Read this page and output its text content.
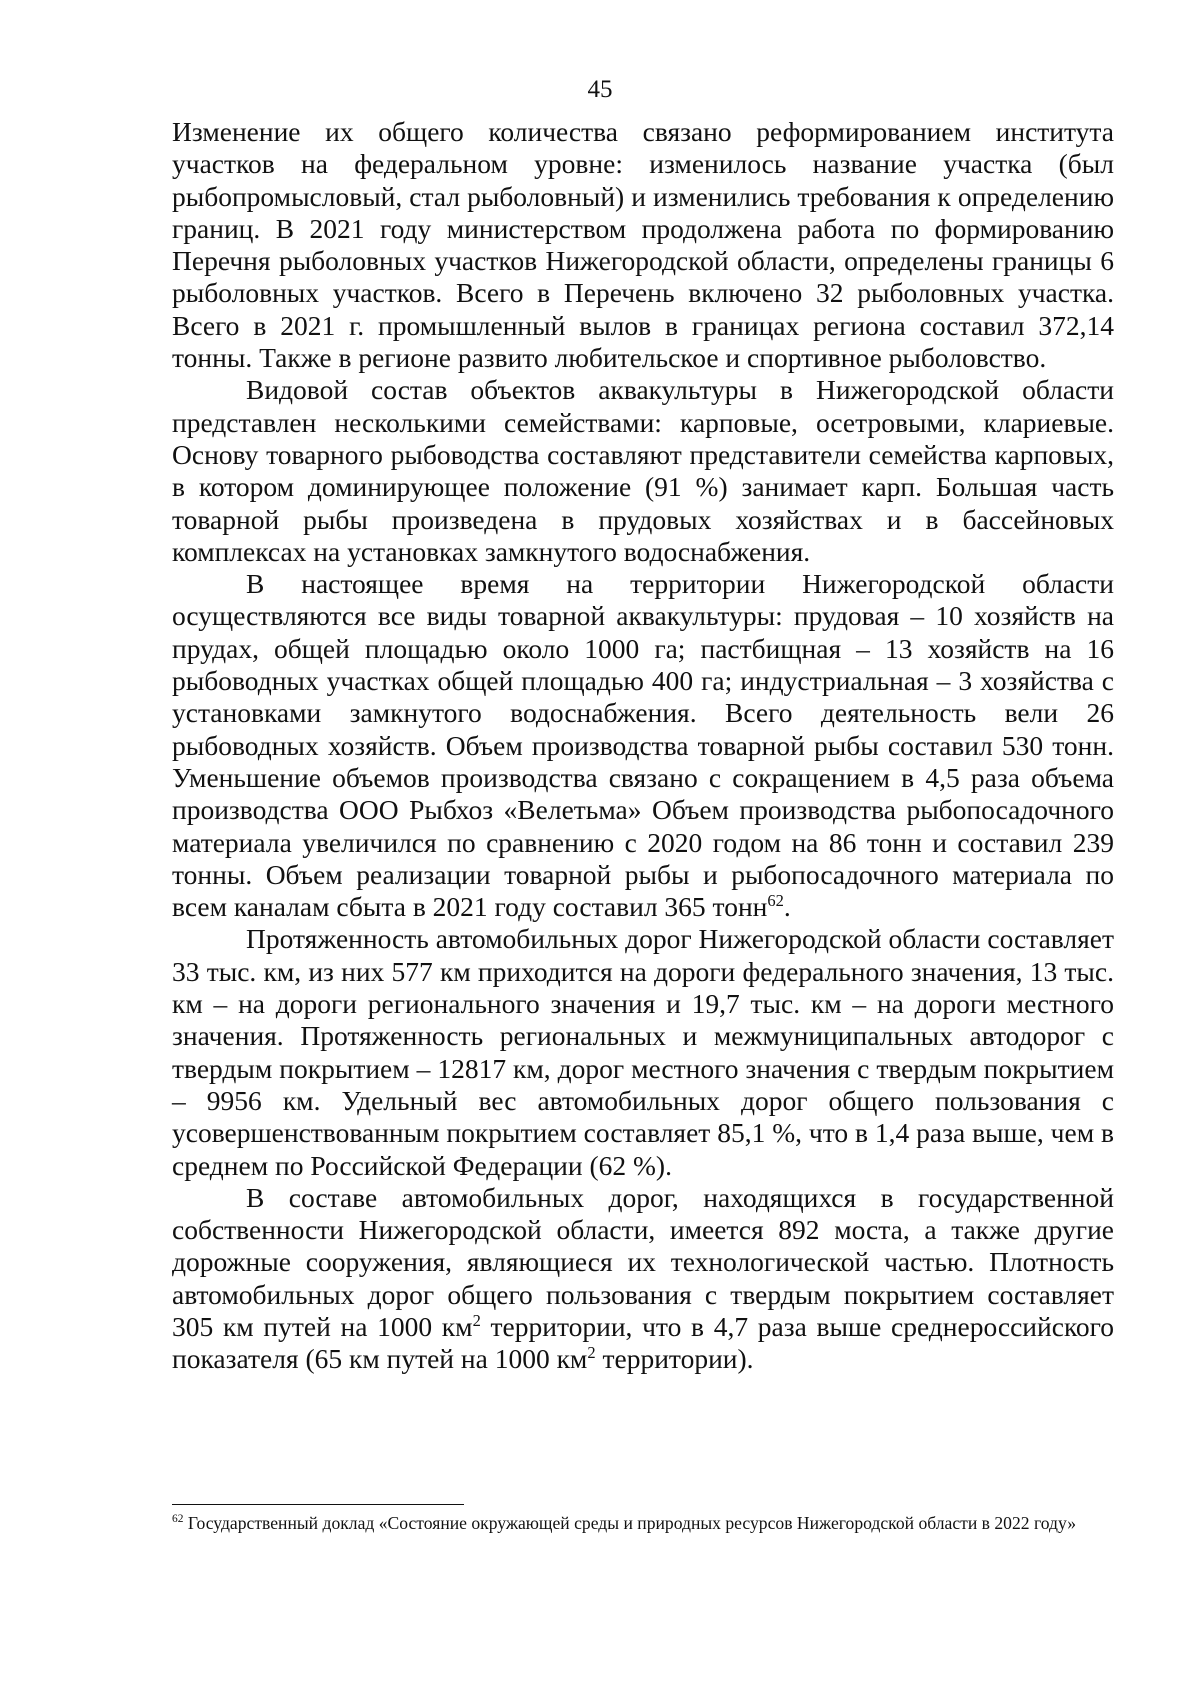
45

Изменение их общего количества связано реформированием института участков на федеральном уровне: изменилось название участка (был рыбопромысловый, стал рыболовный) и изменились требования к определению границ. В 2021 году министерством продолжена работа по формированию Перечня рыболовных участков Нижегородской области, определены границы 6 рыболовных участков. Всего в Перечень включено 32 рыболовных участка. Всего в 2021 г. промышленный вылов в границах региона составил 372,14 тонны. Также в регионе развито любительское и спортивное рыболовство.

Видовой состав объектов аквакультуры в Нижегородской области представлен несколькими семействами: карповые, осетровыми, клариевые. Основу товарного рыбоводства составляют представители семейства карповых, в котором доминирующее положение (91 %) занимает карп. Большая часть товарной рыбы произведена в прудовых хозяйствах и в бассейновых комплексах на установках замкнутого водоснабжения.

В настоящее время на территории Нижегородской области осуществляются все виды товарной аквакультуры: прудовая – 10 хозяйств на прудах, общей площадью около 1000 га; пастбищная – 13 хозяйств на 16 рыбоводных участках общей площадью 400 га; индустриальная – 3 хозяйства с установками замкнутого водоснабжения. Всего деятельность вели 26 рыбоводных хозяйств. Объем производства товарной рыбы составил 530 тонн. Уменьшение объемов производства связано с сокращением в 4,5 раза объема производства ООО Рыбхоз «Велетьма» Объем производства рыбопосадочного материала увеличился по сравнению с 2020 годом на 86 тонн и составил 239 тонны. Объем реализации товарной рыбы и рыбопосадочного материала по всем каналам сбыта в 2021 году составил 365 тонн$^{62}$.

Протяженность автомобильных дорог Нижегородской области составляет 33 тыс. км, из них 577 км приходится на дороги федерального значения, 13 тыс. км – на дороги регионального значения и 19,7 тыс. км – на дороги местного значения. Протяженность региональных и межмуниципальных автодорог с твердым покрытием – 12817 км, дорог местного значения с твердым покрытием – 9956 км. Удельный вес автомобильных дорог общего пользования с усовершенствованным покрытием составляет 85,1 %, что в 1,4 раза выше, чем в среднем по Российской Федерации (62 %).

В составе автомобильных дорог, находящихся в государственной собственности Нижегородской области, имеется 892 моста, а также другие дорожные сооружения, являющиеся их технологической частью. Плотность автомобильных дорог общего пользования с твердым покрытием составляет 305 км путей на 1000 $км^2$ территории, что в 4,7 раза выше среднероссийского показателя (65 км путей на 1000 $км^2$ территории).

$^{62}$ Государственный доклад «Состояние окружающей среды и природных ресурсов Нижегородской области в 2022 году»
